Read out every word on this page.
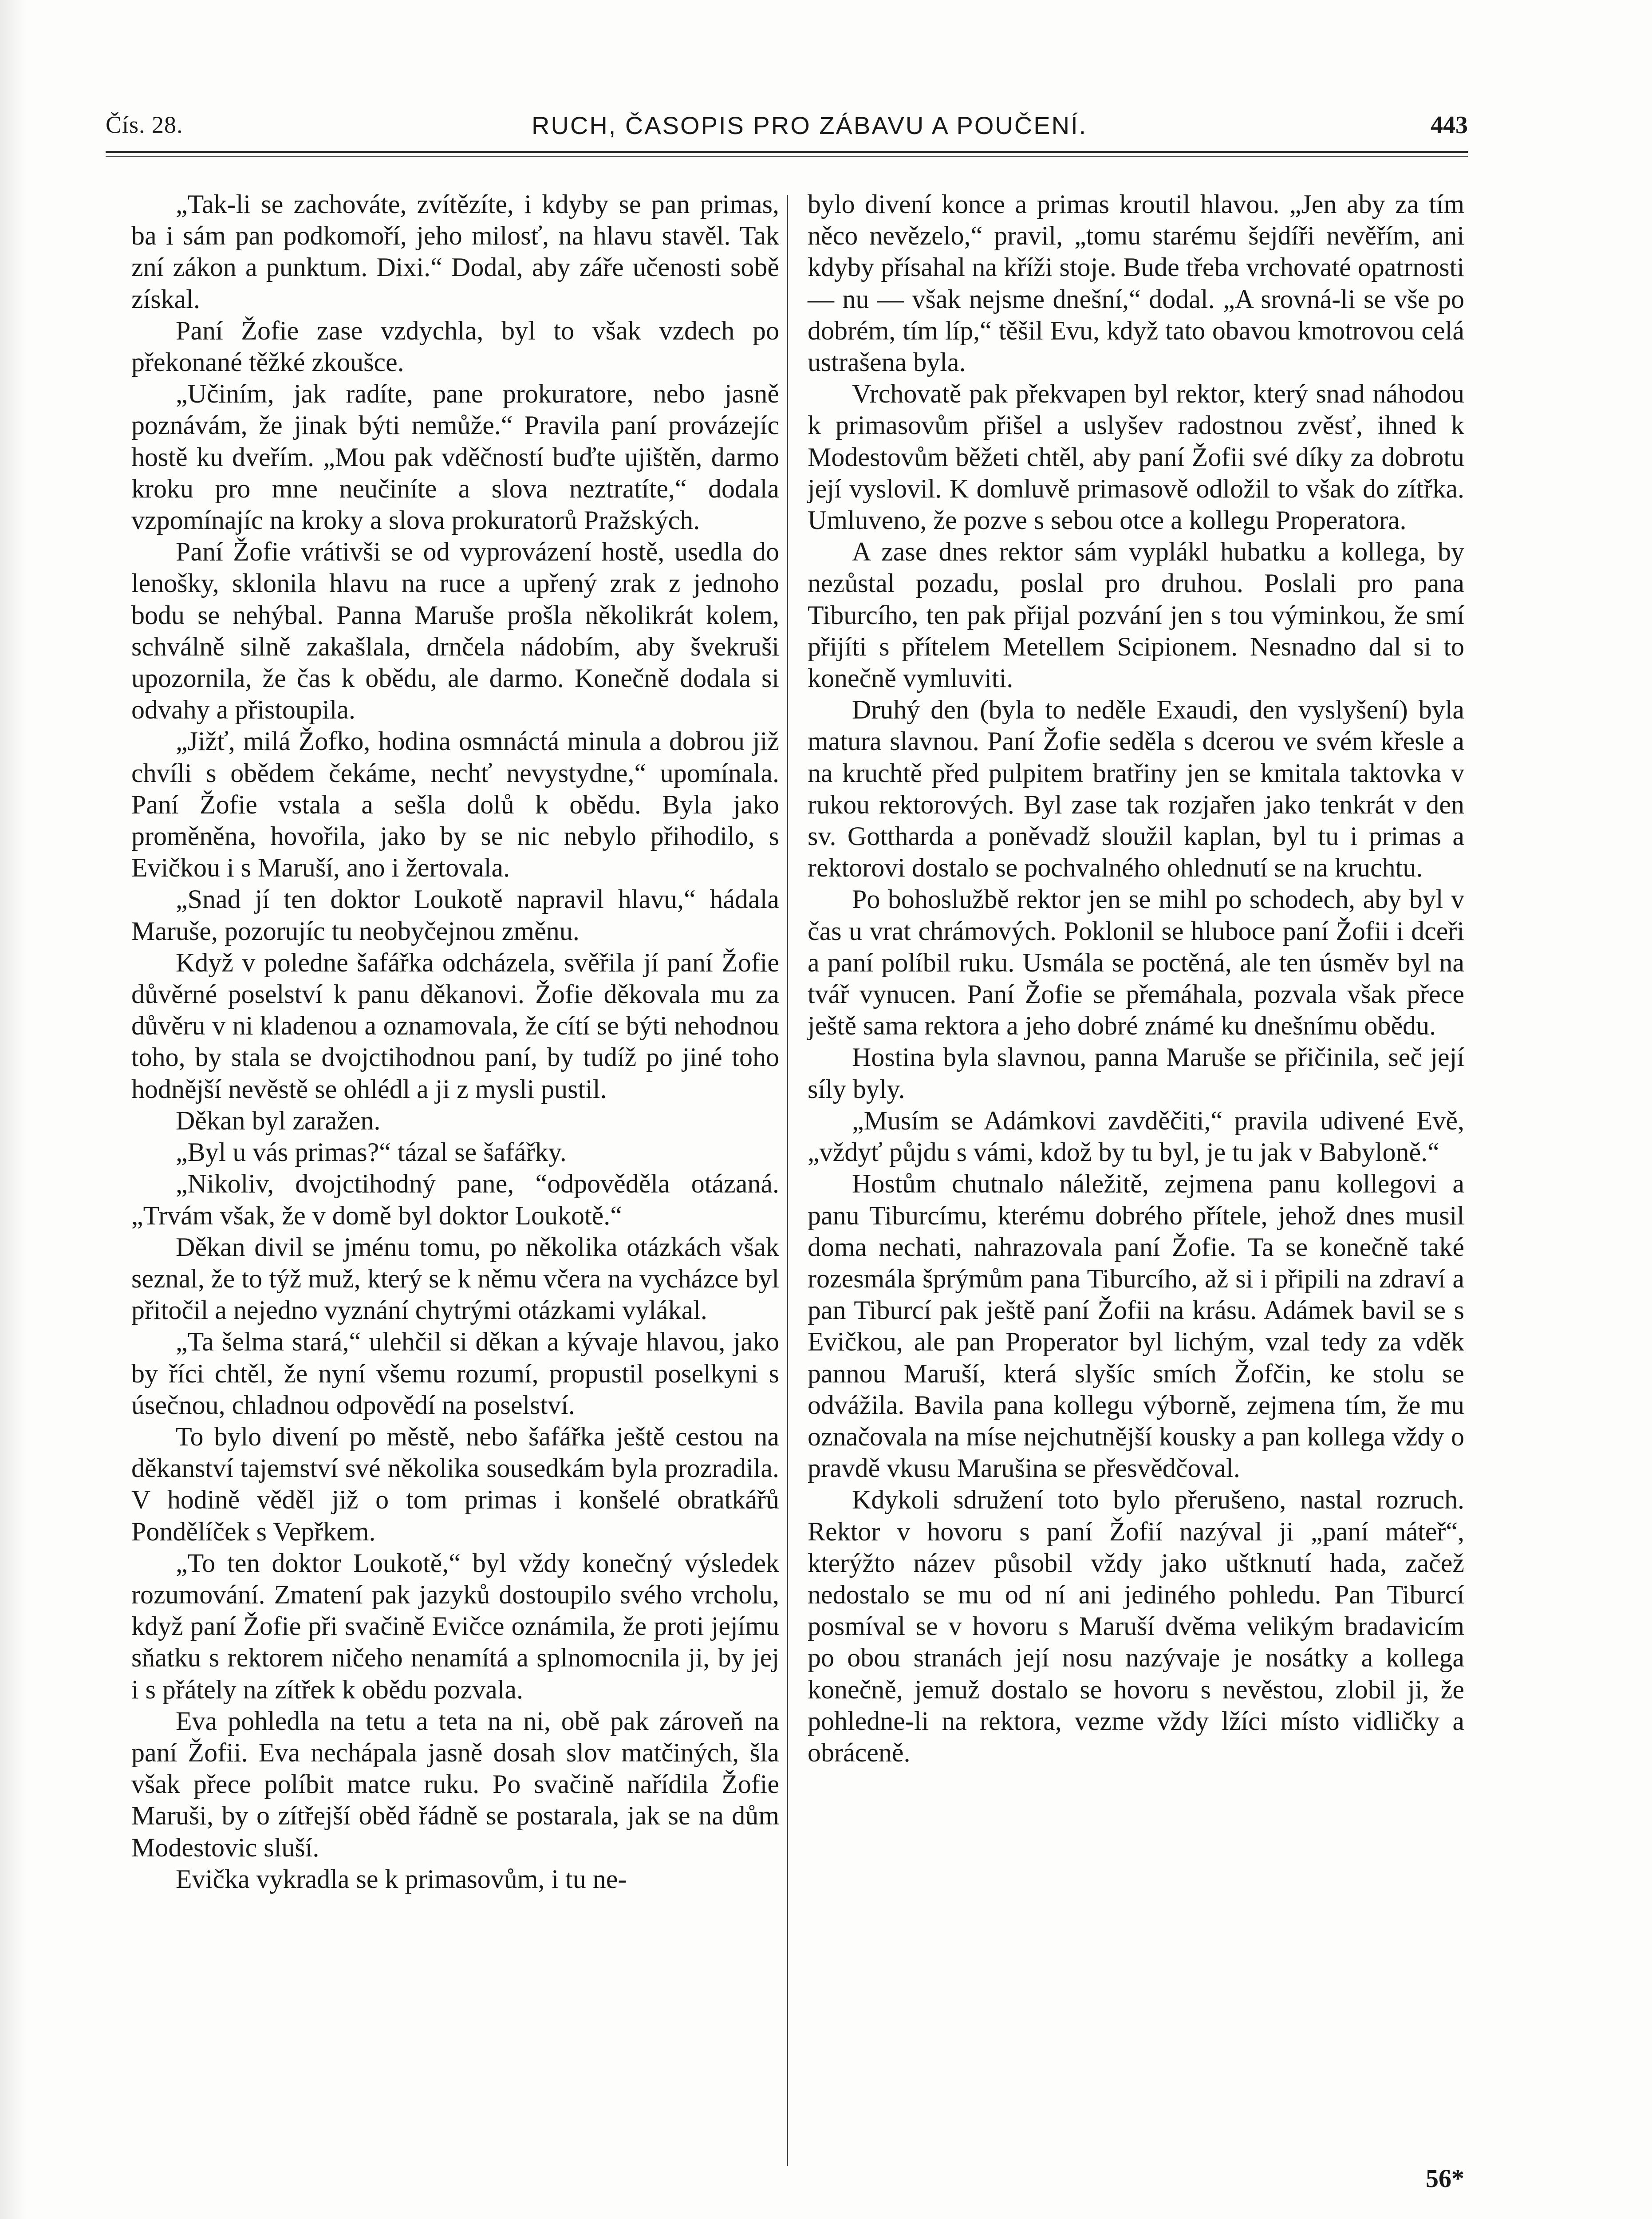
Čís. 28.	RUCH, ČASOPIS PRO ZÁBAVU A POUČENÍ.	443

„Tak-li se zachováte, zvítězíte, i kdyby se pan primas, ba i sám pan podkomoří, jeho milosť, na hlavu stavěl. Tak zní zákon a punktum. Dixi.“ Dodal, aby záře učenosti sobě získal.

Paní Žofie zase vzdychla, byl to však vzdech po překonané těžké zkoušce.

„Učiním, jak radíte, pane prokuratore, nebo jasně poznávám, že jinak býti nemůže.“ Pravila paní provázejíc hostě ku dveřím. „Mou pak vděčností buďte ujištěn, darmo kroku pro mne neučiníte a slova neztratíte,“ dodala vzpomínajíc na kroky a slova prokuratorů Pražských.

Paní Žofie vrátivši se od vyprovázení hostě, usedla do lenošky, sklonila hlavu na ruce a upřený zrak z jednoho bodu se nehýbal. Panna Maruše prošla několikrát kolem, schválně silně zakašlala, drnčela nádobím, aby švekruši upozornila, že čas k obědu, ale darmo. Konečně dodala si odvahy a přistoupila.

„Jižť, milá Žofko, hodina osmnáctá minula a dobrou již chvíli s obědem čekáme, nechť nevystydne,“ upomínala. Paní Žofie vstala a sešla dolů k obědu. Byla jako proměněna, hovořila, jako by se nic nebylo přihodilo, s Evičkou i s Maruší, ano i žertovala.

„Snad jí ten doktor Loukotě napravil hlavu,“ hádala Maruše, pozorujíc tu neobyčejnou změnu.

Když v poledne šafářka odcházela, svěřila jí paní Žofie důvěrné poselství k panu děkanovi. Žofie děkovala mu za důvěru v ni kladenou a oznamovala, že cítí se býti nehodnou toho, by stala se dvojctihodnou paní, by tudíž po jiné toho hodnější nevěstě se ohlédl a ji z mysli pustil.

Děkan byl zaražen.

„Byl u vás primas?“ tázal se šafářky.

„Nikoliv, dvojctihodný pane, “odpověděla otázaná. „Trvám však, že v domě byl doktor Loukotě.“

Děkan divil se jménu tomu, po několika otázkách však seznal, že to týž muž, který se k němu včera na vycházce byl přitočil a nejedno vyznání chytrými otázkami vylákal.

„Ta šelma stará,“ ulehčil si děkan a kývaje hlavou, jako by říci chtěl, že nyní všemu rozumí, propustil poselkyni s úsečnou, chladnou odpovědí na poselství.

To bylo divení po městě, nebo šafářka ještě cestou na děkanství tajemství své několika sousedkám byla prozradila. V hodině věděl již o tom primas i konšelé obratkářů Pondělíček s Vepřkem.

„To ten doktor Loukotě,“ byl vždy konečný výsledek rozumování. Zmatení pak jazyků dostoupilo svého vrcholu, když paní Žofie při svačině Evičce oznámila, že proti jejímu sňatku s rektorem ničeho nenamítá a splnomocnila ji, by jej i s přátely na zítřek k obědu pozvala.

Eva pohledla na tetu a teta na ni, obě pak zároveň na paní Žofii. Eva nechápala jasně dosah slov matčiných, šla však přece políbit matce ruku. Po svačině nařídila Žofie Maruši, by o zítřejší oběd řádně se postarala, jak se na dům Modestovic sluší.

Evička vykradla se k primasovům, i tu ne-

bylo divení konce a primas kroutil hlavou. „Jen aby za tím něco nevězelo,“ pravil, „tomu starému šejdíři nevěřím, ani kdyby přísahal na kříži stoje. Bude třeba vrchovaté opatrnosti — nu — však nejsme dnešní,“ dodal. „A srovná-li se vše po dobrém, tím líp,“ těšil Evu, když tato obavou kmotrovou celá ustrašena byla.

Vrchovatě pak překvapen byl rektor, který snad náhodou k primasovům přišel a uslyšev radostnou zvěsť, ihned k Modestovům běžeti chtěl, aby paní Žofii své díky za dobrotu její vyslovil. K domluvě primasově odložil to však do zítřka. Umluveno, že pozve s sebou otce a kollegu Properatora.

A zase dnes rektor sám vyplákl hubatku a kollega, by nezůstal pozadu, poslal pro druhou. Poslali pro pana Tiburcího, ten pak přijal pozvání jen s tou výminkou, že smí přijíti s přítelem Metellem Scipionem. Nesnadno dal si to konečně vymluviti.

Druhý den (byla to neděle Exaudi, den vyslyšení) byla matura slavnou. Paní Žofie seděla s dcerou ve svém křesle a na kruchtě před pulpitem bratřiny jen se kmitala taktovka v rukou rektorových. Byl zase tak rozjařen jako tenkrát v den sv. Gottharda a poněvadž sloužil kaplan, byl tu i primas a rektorovi dostalo se pochvalného ohlednutí se na kruchtu.

Po bohoslužbě rektor jen se mihl po schodech, aby byl v čas u vrat chrámových. Poklonil se hluboce paní Žofii i dceři a paní políbil ruku. Usmála se poctěná, ale ten úsměv byl na tvář vynucen. Paní Žofie se přemáhala, pozvala však přece ještě sama rektora a jeho dobré známé ku dnešnímu obědu.

Hostina byla slavnou, panna Maruše se přičinila, seč její síly byly.

„Musím se Adámkovi zavděčiti,“ pravila udivené Evě, „vždyť půjdu s vámi, kdož by tu byl, je tu jak v Babyloně.“

Hostům chutnalo náležitě, zejmena panu kollegovi a panu Tiburcímu, kterému dobrého přítele, jehož dnes musil doma nechati, nahrazovala paní Žofie. Ta se konečně také rozesmála šprýmům pana Tiburcího, až si i připili na zdraví a pan Tiburcí pak ještě paní Žofii na krásu. Adámek bavil se s Evičkou, ale pan Properator byl lichým, vzal tedy za vděk pannou Maruší, která slyšíc smích Žofčin, ke stolu se odvážila. Bavila pana kollegu výborně, zejmena tím, že mu označovala na míse nejchutnější kousky a pan kollega vždy o pravdě vkusu Marušina se přesvědčoval.

Kdykoli sdružení toto bylo přerušeno, nastal rozruch. Rektor v hovoru s paní Žofií nazýval ji „paní máteř“, kterýžto název působil vždy jako uštknutí hada, začež nedostalo se mu od ní ani jediného pohledu. Pan Tiburcí posmíval se v hovoru s Maruší dvěma velikým bradavicím po obou stranách její nosu nazývaje je nosátky a kollega konečně, jemuž dostalo se hovoru s nevěstou, zlobil ji, že pohledne-li na rektora, vezme vždy lžíci místo vidličky a obráceně.

56*
